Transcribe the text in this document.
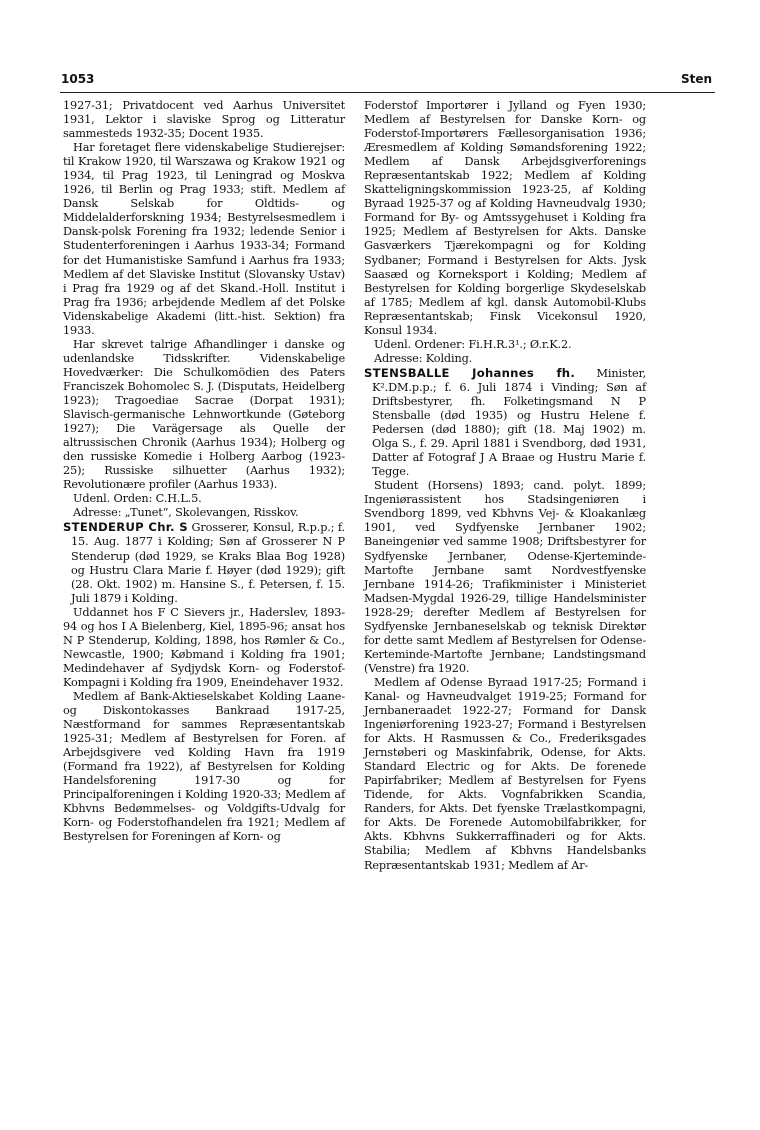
1053	Sten

1927-31; Privatdocent ved Aarhus Universitet 1931, Lektor i slaviske Sprog og Litteratur sammesteds 1932-35; Docent 1935.

Har foretaget flere videnskabelige Studierejser: til Krakow 1920, til Warszawa og Krakow 1921 og 1934, til Prag 1923, til Leningrad og Moskva 1926, til Berlin og Prag 1933; stift. Medlem af Dansk Selskab for Oldtids- og Middelalderforskning 1934; Bestyrelsesmedlem i Dansk-polsk Forening fra 1932; ledende Senior i Studenterforeningen i Aarhus 1933-34; Formand for det Humanistiske Samfund i Aarhus fra 1933; Medlem af det Slaviske Institut (Slovansky Ustav) i Prag fra 1929 og af det Skand.-Holl. Institut i Prag fra 1936; arbejdende Medlem af det Polske Videnskabelige Akademi (litt.-hist. Sektion) fra 1933.

Har skrevet talrige Afhandlinger i danske og udenlandske Tidsskrifter. Videnskabelige Hovedværker: Die Schulkomödien des Paters Franciszek Bohomolec S. J. (Disputats, Heidelberg 1923); Tragoediae Sacrae (Dorpat 1931); Slavisch-germanische Lehnwortkunde (Gøteborg 1927); Die Varägersage als Quelle der altrussischen Chronik (Aarhus 1934); Holberg og den russiske Komedie i Holberg Aarbog (1923-25); Russiske silhuetter (Aarhus 1932); Revolutionære profiler (Aarhus 1933).

Udenl. Orden: C.H.L.5.

Adresse: „Tunet“, Skolevangen, Risskov.

STENDERUP Chr. S Grosserer, Konsul, R.p.p.; f. 15. Aug. 1877 i Kolding; Søn af Grosserer N P Stenderup (død 1929, se Kraks Blaa Bog 1928) og Hustru Clara Marie f. Høyer (død 1929); gift (28. Okt. 1902) m. Hansine S., f. Petersen, f. 15. Juli 1879 i Kolding.

Uddannet hos F C Sievers jr., Haderslev, 1893-94 og hos I A Bielenberg, Kiel, 1895-96; ansat hos N P Stenderup, Kolding, 1898, hos Rømler & Co., Newcastle, 1900; Købmand i Kolding fra 1901; Medindehaver af Sydjydsk Korn- og Foderstof-Kompagni i Kolding fra 1909, Eneindehaver 1932.

Medlem af Bank-Aktieselskabet Kolding Laane- og Diskontokasses Bankraad 1917-25, Næstformand for sammes Repræsentantskab 1925-31; Medlem af Bestyrelsen for Foren. af Arbejdsgivere ved Kolding Havn fra 1919 (Formand fra 1922), af Bestyrelsen for Kolding Handelsforening 1917-30 og for Principalforeningen i Kolding 1920-33; Medlem af Kbhvns Bedømmelses- og Voldgifts-Udvalg for Korn- og Foderstofhandelen fra 1921; Medlem af Bestyrelsen for Foreningen af Korn- og

Foderstof Importører i Jylland og Fyen 1930; Medlem af Bestyrelsen for Danske Korn- og Foderstof-Importørers Fællesorganisation 1936; Æresmedlem af Kolding Sømandsforening 1922; Medlem af Dansk Arbejdsgiverforenings Repræsentantskab 1922; Medlem af Kolding Skatteligningskommission 1923-25, af Kolding Byraad 1925-37 og af Kolding Havneudvalg 1930; Formand for By- og Amtssygehuset i Kolding fra 1925; Medlem af Bestyrelsen for Akts. Danske Gasværkers Tjærekompagni og for Kolding Sydbaner; Formand i Bestyrelsen for Akts. Jysk Saasæd og Korneksport i Kolding; Medlem af Bestyrelsen for Kolding borgerlige Skydeselskab af 1785; Medlem af kgl. dansk Automobil-Klubs Repræsentantskab; Finsk Vicekonsul 1920, Konsul 1934.

Udenl. Ordener: Fi.H.R.3¹.; Ø.r.K.2.

Adresse: Kolding.

STENSBALLE Johannes fh. Minister, K².DM.p.p.; f. 6. Juli 1874 i Vinding; Søn af Driftsbestyrer, fh. Folketingsmand N P Stensballe (død 1935) og Hustru Helene f. Pedersen (død 1880); gift (18. Maj 1902) m. Olga S., f. 29. April 1881 i Svendborg, død 1931, Datter af Fotograf J A Braae og Hustru Marie f. Tegge.

Student (Horsens) 1893; cand. polyt. 1899; Ingeniørassistent hos Stadsingeniøren i Svendborg 1899, ved Kbhvns Vej- & Kloakanlæg 1901, ved Sydfyenske Jernbaner 1902; Baneingeniør ved samme 1908; Driftsbestyrer for Sydfyenske Jernbaner, Odense-Kjerteminde-Martofte Jernbane samt Nordvestfyenske Jernbane 1914-26; Trafikminister i Ministeriet Madsen-Mygdal 1926-29, tillige Handelsminister 1928-29; derefter Medlem af Bestyrelsen for Sydfyenske Jernbaneselskab og teknisk Direktør for dette samt Medlem af Bestyrelsen for Odense-Kerteminde-Martofte Jernbane; Landstingsmand (Venstre) fra 1920.

Medlem af Odense Byraad 1917-25; Formand i Kanal- og Havneudvalget 1919-25; Formand for Jernbaneraadet 1922-27; Formand for Dansk Ingeniørforening 1923-27; Formand i Bestyrelsen for Akts. H Rasmussen & Co., Frederiksgades Jernstøberi og Maskinfabrik, Odense, for Akts. Standard Electric og for Akts. De forenede Papirfabriker; Medlem af Bestyrelsen for Fyens Tidende, for Akts. Vognfabrikken Scandia, Randers, for Akts. Det fyenske Trælastkompagni, for Akts. De Forenede Automobilfabrikker, for Akts. Kbhvns Sukkerraffinaderi og for Akts. Stabilia; Medlem af Kbhvns Handelsbanks Repræsentantskab 1931; Medlem af Ar-
